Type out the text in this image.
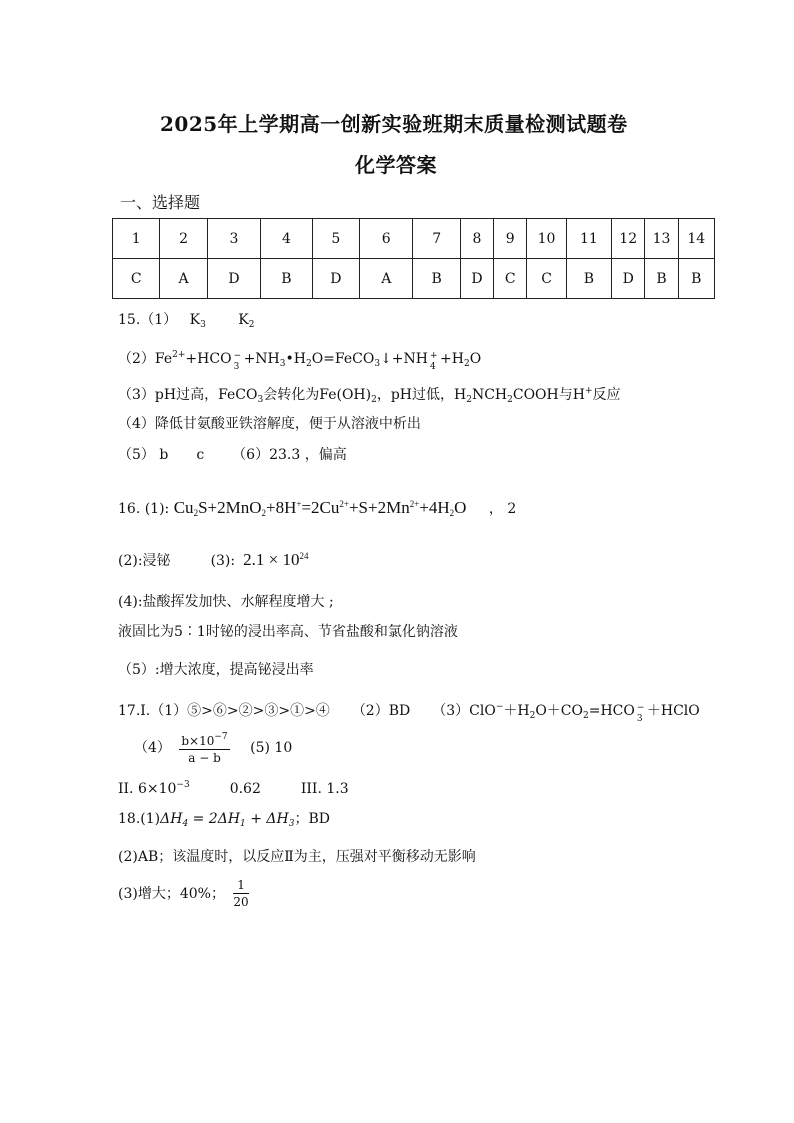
2025年上学期高一创新实验班期末质量检测试题卷
化学答案
一、选择题
1	2	3	4	5	6	7	8	9	10	11	12	13	14
C	A	D	B	D	A	B	D	C	C	B	D	B	B
15.（1） $K_3$ $K_2$
$(2)Fe^{2+}+HCO$ −
$3 +NH_3•H_2O=FeCO_3↓+NH$ +
$4 +H_2O$
（3）pH过高，FeCO$_3$会转化为$Fe(OH)_2$，pH过低，$H_2NCH_2COOH$与H+反应
（4）降低甘氨酸亚铁溶解度，便于从溶液中析出
（5） b c （6）23.3 ，偏高
16. (1): $Cu_2S+2MnO_2+8H^+=2Cu^{2+}+S+2Mn^{2+}+4H_2O$ ， 2
(2):浸铋	(3): $2.1 \times 10^{24}$
(4):盐酸挥发加快、水解程度增大 ;
液固比为5∶1时铋的浸出率高、节省盐酸和氯化钠溶液
（5）:增大浓度，提高铋浸出率
17.I.（1）⑤>⑥>②>③>①>④ （2）BD $(3)ClO^-+H_2O+CO_2=HCO$ −
3 ＋HClO
$(4) \frac{b\times 10^{-7}}{a - b} (5)$ 10
II. $6\times 10^{-3}$	0.62	III. 1.3
$18.(1)\Delta H_4 = 2\Delta H_1 + \Delta H_3$；BD
(2)AB；该温度时，以反应Ⅱ为主，压强对平衡移动无影响
(3)增大；40%； $\frac{1}{20}$
